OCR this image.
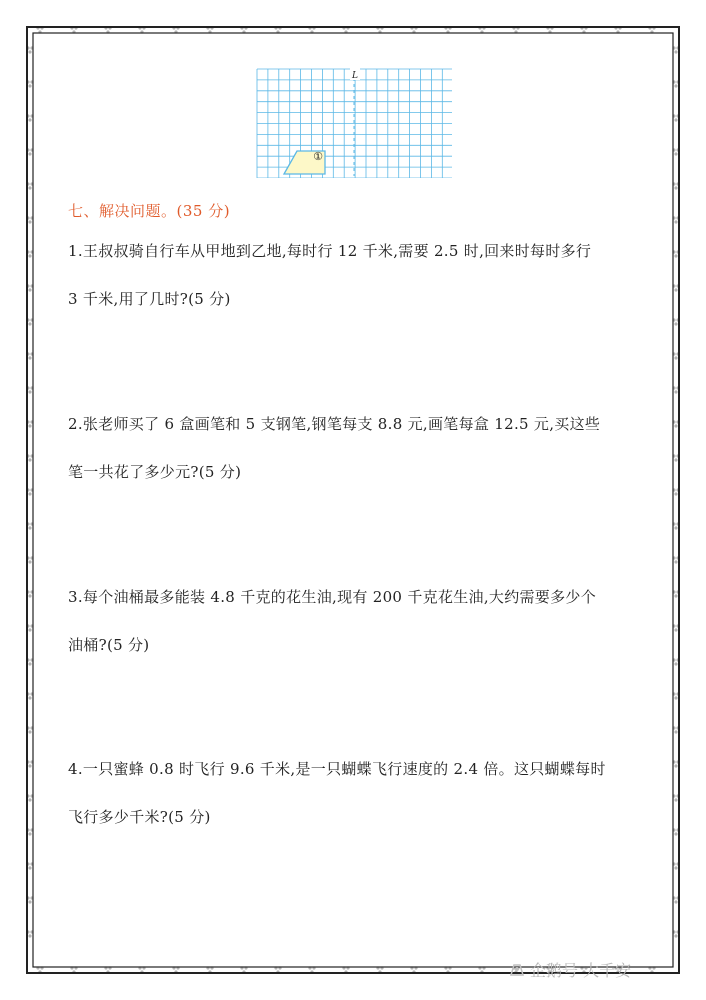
L
①
七、解决问题。(35 分)
1.王叔叔骑自行车从甲地到乙地,每时行 12 千米,需要 2.5 时,回来时每时多行
3 千米,用了几时?(5 分)
2.张老师买了 6 盒画笔和 5 支钢笔,钢笔每支 8.8 元,画笔每盒 12.5 元,买这些
笔一共花了多少元?(5 分)
3.每个油桶最多能装 4.8 千克的花生油,现有 200 千克花生油,大约需要多少个
油桶?(5 分)
4.一只蜜蜂 0.8 时飞行 9.6 千米,是一只蝴蝶飞行速度的 2.4 倍。这只蝴蝶每时
飞行多少千米?(5 分)
企鹅号 大千安
